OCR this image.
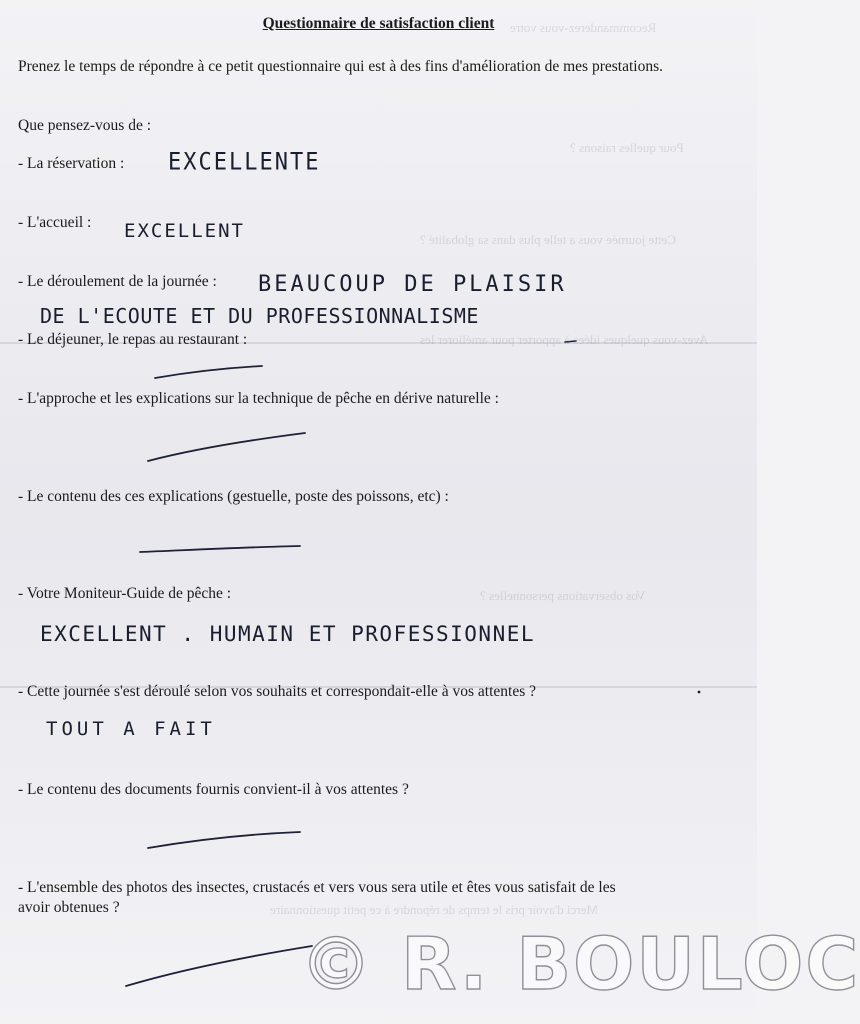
Recommanderez-vous votre
Pour quelles raisons ?
Cette journée vous a telle plus dans sa globalité ?
Avez-vous quelques idées à apporter pour améliorer les
Vos observations personnelles ?
Merci d'avoir pris le temps de répondre à ce petit questionnaire
Questionnaire de satisfaction client
Prenez le temps de répondre à ce petit questionnaire qui est à des fins d'amélioration de mes prestations.
Que pensez-vous de :
- La réservation : EXCELLENTE
- L'accueil : EXCELLENT
- Le déroulement de la journée : BEAUCOUP DE PLAISIR
DE L'ECOUTE ET DU PROFESSIONNALISME
- Le déjeuner, le repas au restaurant :
- L'approche et les explications sur la technique de pêche en dérive naturelle :
- Le contenu des ces explications (gestuelle, poste des poissons, etc) :
- Votre Moniteur-Guide de pêche :
EXCELLENT . HUMAIN ET PROFESSIONNEL
- Cette journée s'est déroulé selon vos souhaits et correspondait-elle à vos attentes ?
TOUT A FAIT
- Le contenu des documents fournis convient-il à vos attentes ?
- L'ensemble des photos des insectes, crustacés et vers vous sera utile et êtes vous satisfait de les
avoir obtenues ?
© R. BOULOC
